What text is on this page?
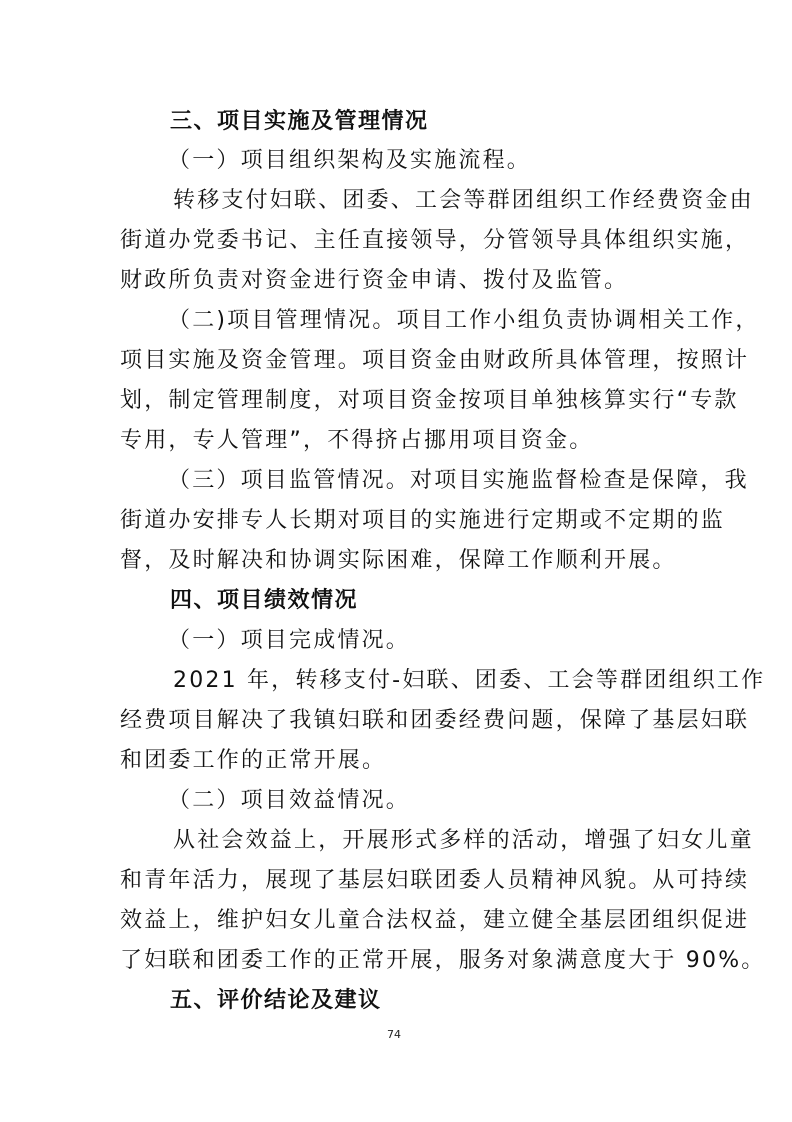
三、项目实施及管理情况
（一）项目组织架构及实施流程。
转移支付妇联、团委、工会等群团组织工作经费资金由
街道办党委书记、主任直接领导，分管领导具体组织实施，
财政所负责对资金进行资金申请、拨付及监管。
（二)项目管理情况。项目工作小组负责协调相关工作，
项目实施及资金管理。项目资金由财政所具体管理，按照计
划，制定管理制度，对项目资金按项目单独核算实行“专款
专用，专人管理”，不得挤占挪用项目资金。
（三）项目监管情况。对项目实施监督检查是保障，我
街道办安排专人长期对项目的实施进行定期或不定期的监
督，及时解决和协调实际困难，保障工作顺利开展。
四、项目绩效情况
（一）项目完成情况。
2021 年，转移支付-妇联、团委、工会等群团组织工作
经费项目解决了我镇妇联和团委经费问题，保障了基层妇联
和团委工作的正常开展。
（二）项目效益情况。
从社会效益上，开展形式多样的活动，增强了妇女儿童
和青年活力，展现了基层妇联团委人员精神风貌。从可持续
效益上，维护妇女儿童合法权益，建立健全基层团组织促进
了妇联和团委工作的正常开展，服务对象满意度大于 90%。
五、评价结论及建议
74
